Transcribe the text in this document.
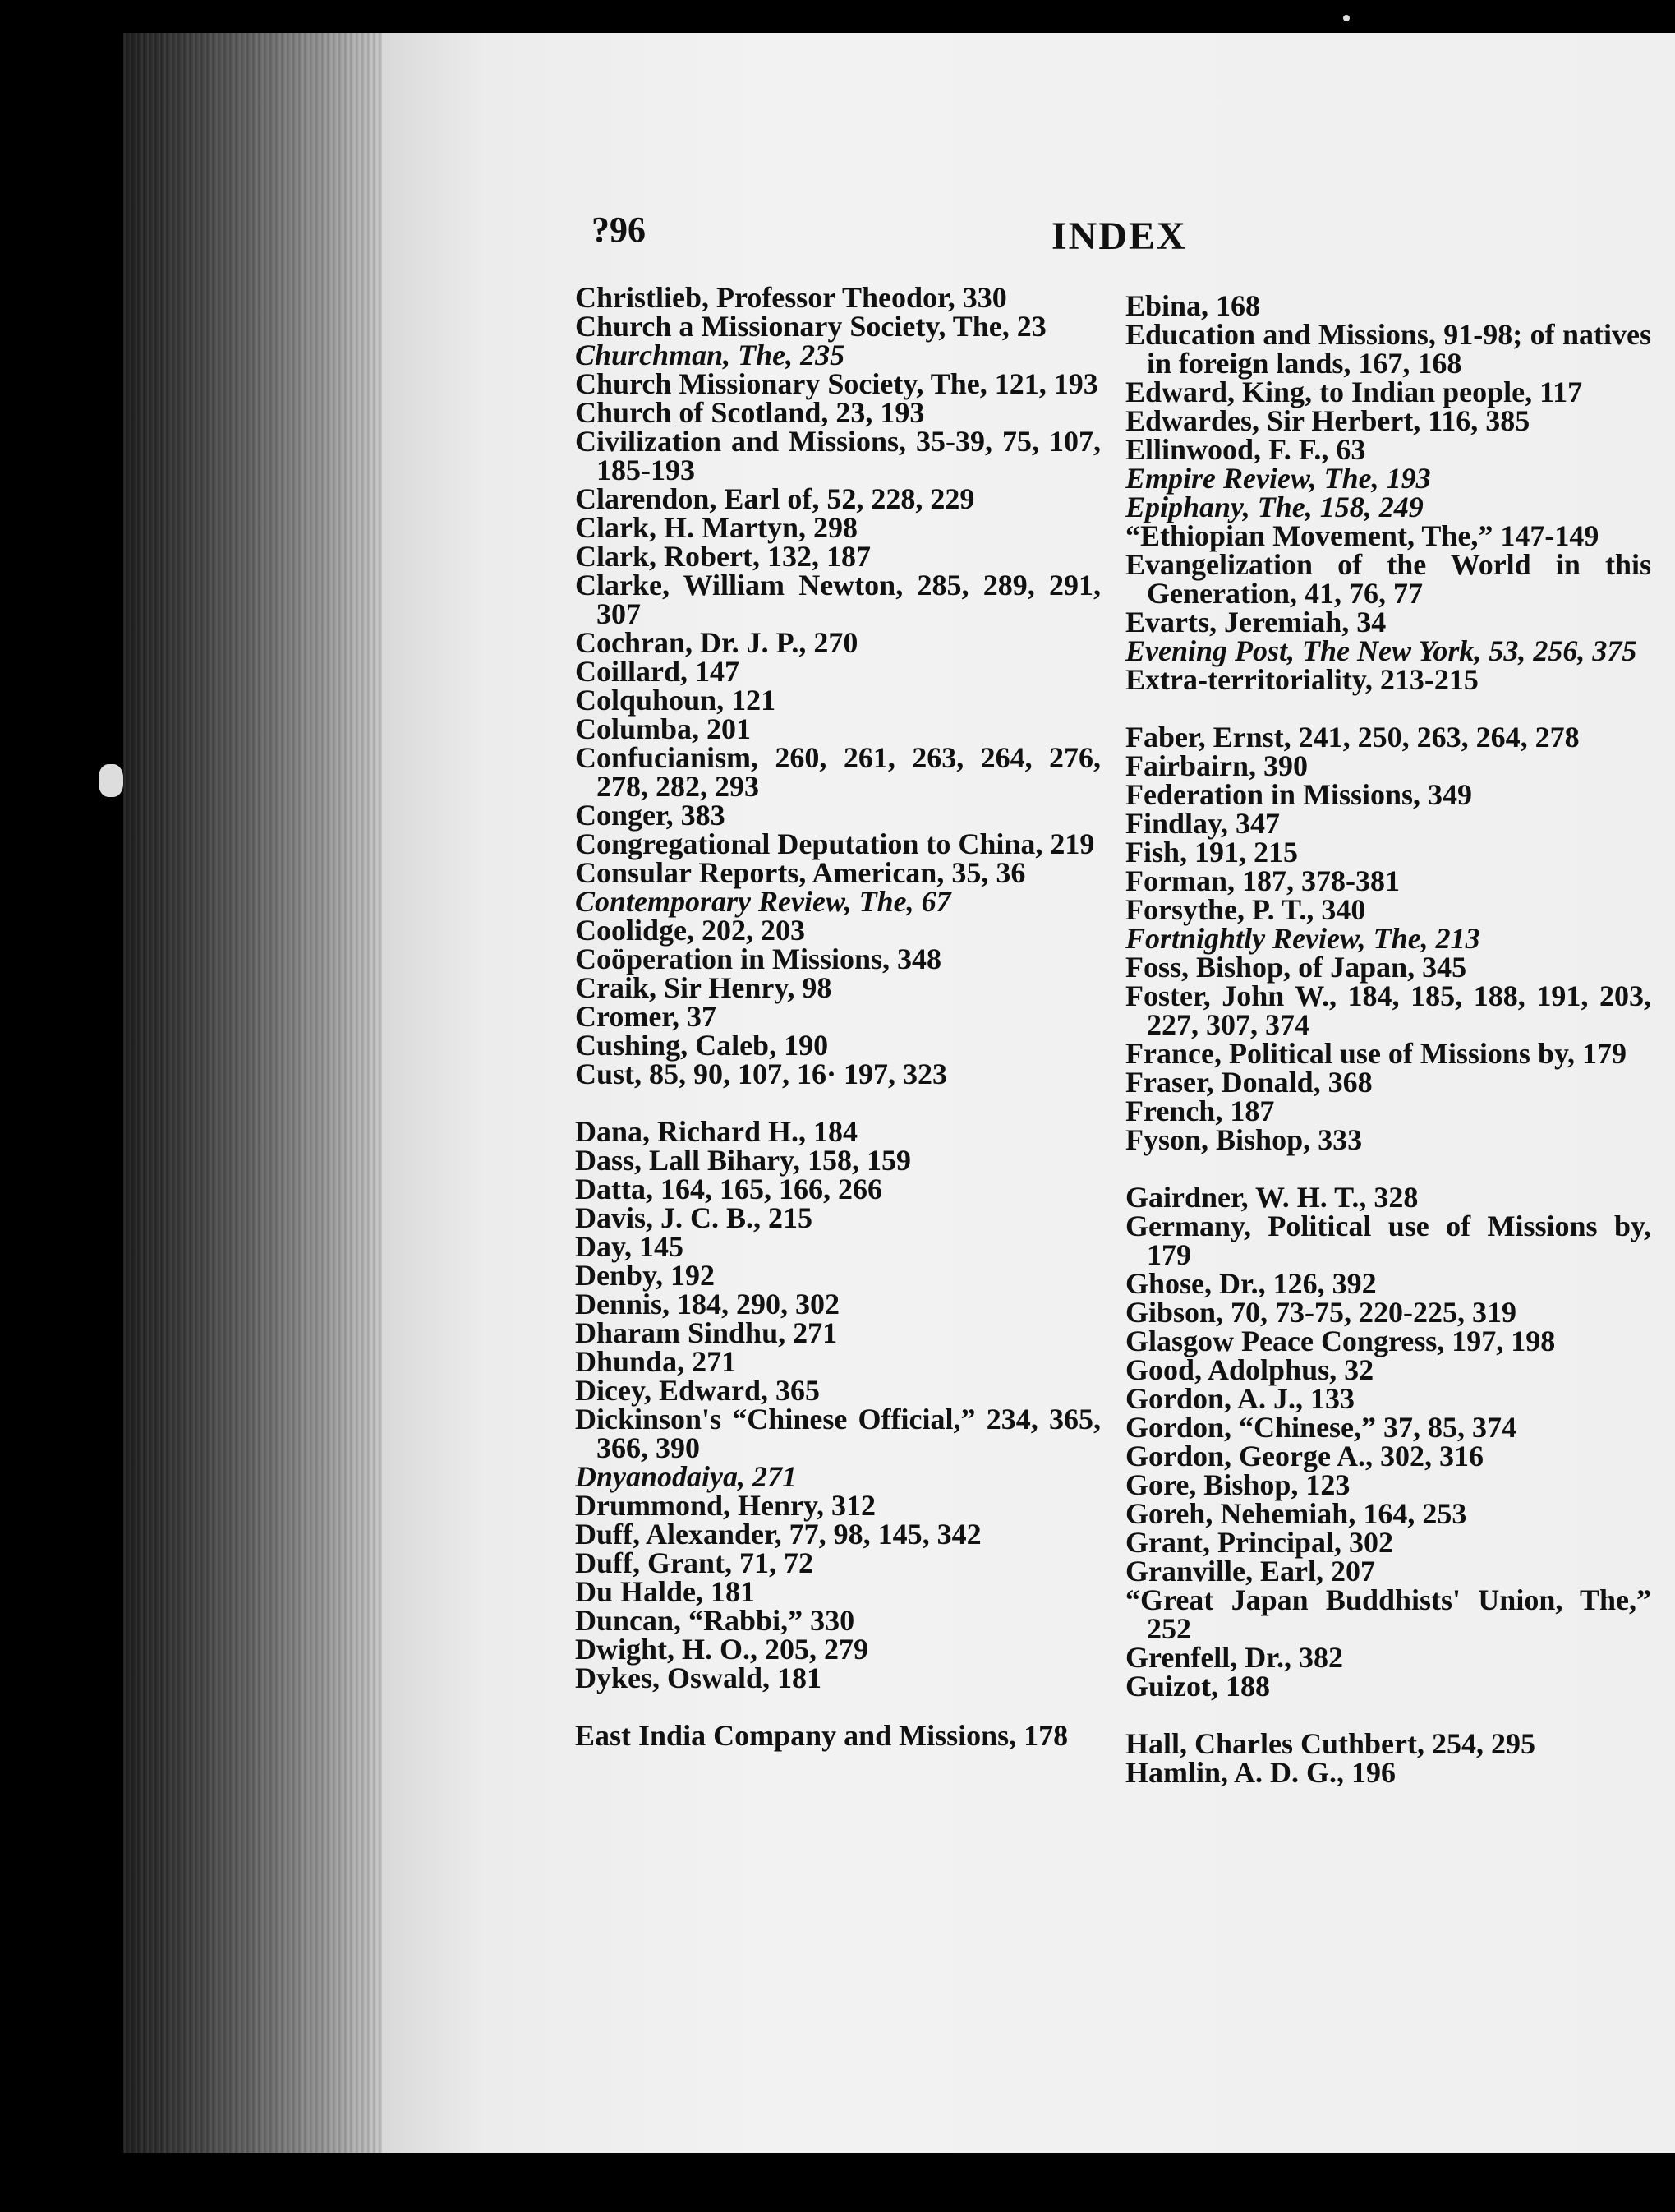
?96	INDEX

Christlieb, Professor Theodor, 330

Church a Missionary Society, The, 23

Churchman, The, 235

Church Missionary Society, The, 121, 193

Church of Scotland, 23, 193

Civilization and Missions, 35-39, 75, 107, 185-193

Clarendon, Earl of, 52, 228, 229

Clark, H. Martyn, 298

Clark, Robert, 132, 187

Clarke, William Newton, 285, 289, 291, 307

Cochran, Dr. J. P., 270

Coillard, 147

Colquhoun, 121

Columba, 201

Confucianism, 260, 261, 263, 264, 276, 278, 282, 293

Conger, 383

Congregational Deputation to China, 219

Consular Reports, American, 35, 36

Contemporary Review, The, 67

Coolidge, 202, 203

Coöperation in Missions, 348

Craik, Sir Henry, 98

Cromer, 37

Cushing, Caleb, 190

Cust, 85, 90, 107, 16· 197, 323

Dana, Richard H., 184

Dass, Lall Bihary, 158, 159

Datta, 164, 165, 166, 266

Davis, J. C. B., 215

Day, 145

Denby, 192

Dennis, 184, 290, 302

Dharam Sindhu, 271

Dhunda, 271

Dicey, Edward, 365

Dickinson's “Chinese Official,” 234, 365, 366, 390

Dnyanodaiya, 271

Drummond, Henry, 312

Duff, Alexander, 77, 98, 145, 342

Duff, Grant, 71, 72

Du Halde, 181

Duncan, “Rabbi,” 330

Dwight, H. O., 205, 279

Dykes, Oswald, 181

East India Company and Missions, 178

Ebina, 168

Education and Missions, 91-98; of natives in foreign lands, 167, 168

Edward, King, to Indian people, 117

Edwardes, Sir Herbert, 116, 385

Ellinwood, F. F., 63

Empire Review, The, 193

Epiphany, The, 158, 249

“Ethiopian Movement, The,” 147-149

Evangelization of the World in this Generation, 41, 76, 77

Evarts, Jeremiah, 34

Evening Post, The New York, 53, 256, 375

Extra-territoriality, 213-215

Faber, Ernst, 241, 250, 263, 264, 278

Fairbairn, 390

Federation in Missions, 349

Findlay, 347

Fish, 191, 215

Forman, 187, 378-381

Forsythe, P. T., 340

Fortnightly Review, The, 213

Foss, Bishop, of Japan, 345

Foster, John W., 184, 185, 188, 191, 203, 227, 307, 374

France, Political use of Missions by, 179

Fraser, Donald, 368

French, 187

Fyson, Bishop, 333

Gairdner, W. H. T., 328

Germany, Political use of Missions by, 179

Ghose, Dr., 126, 392

Gibson, 70, 73-75, 220-225, 319

Glasgow Peace Congress, 197, 198

Good, Adolphus, 32

Gordon, A. J., 133

Gordon, “Chinese,” 37, 85, 374

Gordon, George A., 302, 316

Gore, Bishop, 123

Goreh, Nehemiah, 164, 253

Grant, Principal, 302

Granville, Earl, 207

“Great Japan Buddhists' Union, The,” 252

Grenfell, Dr., 382

Guizot, 188

Hall, Charles Cuthbert, 254, 295

Hamlin, A. D. G., 196
